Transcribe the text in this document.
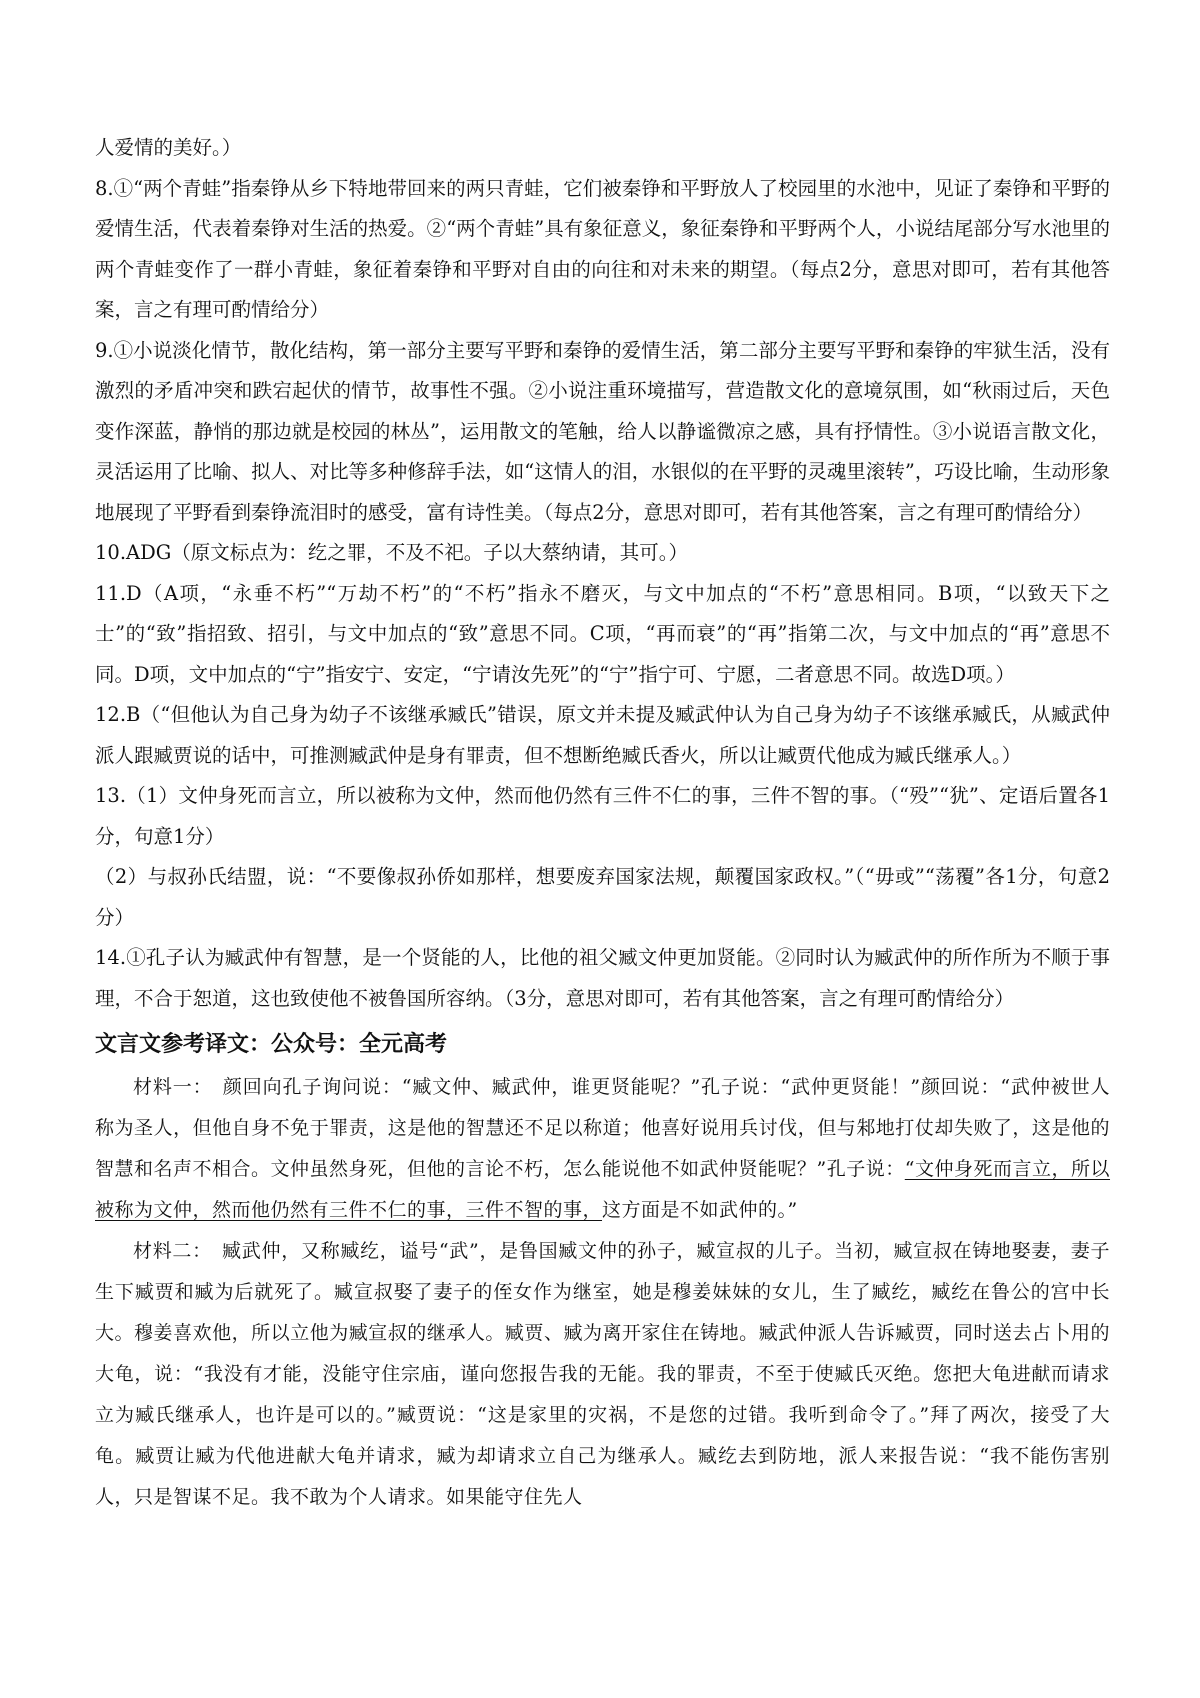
人爱情的美好。）

8.①“两个青蛙”指秦铮从乡下特地带回来的两只青蛙，它们被秦铮和平野放人了校园里的水池中，见证了秦铮和平野的爱情生活，代表着秦铮对生活的热爱。②“两个青蛙”具有象征意义，象征秦铮和平野两个人，小说结尾部分写水池里的两个青蛙变作了一群小青蛙，象征着秦铮和平野对自由的向往和对未来的期望。（每点2分，意思对即可，若有其他答案，言之有理可酌情给分）

9.①小说淡化情节，散化结构，第一部分主要写平野和秦铮的爱情生活，第二部分主要写平野和秦铮的牢狱生活，没有激烈的矛盾冲突和跌宕起伏的情节，故事性不强。②小说注重环境描写，营造散文化的意境氛围，如“秋雨过后，天色变作深蓝，静悄的那边就是校园的林丛”，运用散文的笔触，给人以静谧微凉之感，具有抒情性。③小说语言散文化，灵活运用了比喻、拟人、对比等多种修辞手法，如“这情人的泪，水银似的在平野的灵魂里滚转”，巧设比喻，生动形象地展现了平野看到秦铮流泪时的感受，富有诗性美。（每点2分，意思对即可，若有其他答案，言之有理可酌情给分）

10.ADG（原文标点为：纥之罪，不及不祀。子以大蔡纳请，其可。）

11.D（A项，“永垂不朽”“万劫不朽”的“不朽”指永不磨灭，与文中加点的“不朽”意思相同。B项，“以致天下之士”的“致”指招致、招引，与文中加点的“致”意思不同。C项，“再而衰”的“再”指第二次，与文中加点的“再”意思不同。D项，文中加点的“宁”指安宁、安定，“宁请汝先死”的“宁”指宁可、宁愿，二者意思不同。故选D项。）

12.B（“但他认为自己身为幼子不该继承臧氏”错误，原文并未提及臧武仲认为自己身为幼子不该继承臧氏，从臧武仲派人跟臧贾说的话中，可推测臧武仲是身有罪责，但不想断绝臧氏香火，所以让臧贾代他成为臧氏继承人。）

13.（1）文仲身死而言立，所以被称为文仲，然而他仍然有三件不仁的事，三件不智的事。（“殁”“犹”、定语后置各1分，句意1分）

（2）与叔孙氏结盟，说：“不要像叔孙侨如那样，想要废弃国家法规，颠覆国家政权。”（“毋或”“荡覆”各1分，句意2分）

14.①孔子认为臧武仲有智慧，是一个贤能的人，比他的祖父臧文仲更加贤能。②同时认为臧武仲的所作所为不顺于事理，不合于恕道，这也致使他不被鲁国所容纳。（3分，意思对即可，若有其他答案，言之有理可酌情给分）

文言文参考译文：公众号：全元高考

材料一：　颜回向孔子询问说：“臧文仲、臧武仲，谁更贤能呢？”孔子说：“武仲更贤能！”颜回说：“武仲被世人称为圣人，但他自身不免于罪责，这是他的智慧还不足以称道；他喜好说用兵讨伐，但与邾地打仗却失败了，这是他的智慧和名声不相合。文仲虽然身死，但他的言论不朽，怎么能说他不如武仲贤能呢？”孔子说：“文仲身死而言立，所以被称为文仲，然而他仍然有三件不仁的事，三件不智的事，这方面是不如武仲的。”

材料二：　臧武仲，又称臧纥，谥号“武”，是鲁国臧文仲的孙子，臧宣叔的儿子。当初，臧宣叔在铸地娶妻，妻子生下臧贾和臧为后就死了。臧宣叔娶了妻子的侄女作为继室，她是穆姜妹妹的女儿，生了臧纥，臧纥在鲁公的宫中长大。穆姜喜欢他，所以立他为臧宣叔的继承人。臧贾、臧为离开家住在铸地。臧武仲派人告诉臧贾，同时送去占卜用的大龟，说：“我没有才能，没能守住宗庙，谨向您报告我的无能。我的罪责，不至于使臧氏灭绝。您把大龟进献而请求立为臧氏继承人，也许是可以的。”臧贾说：“这是家里的灾祸，不是您的过错。我听到命令了。”拜了两次，接受了大龟。臧贾让臧为代他进献大龟并请求，臧为却请求立自己为继承人。臧纥去到防地，派人来报告说：“我不能伤害别人，只是智谋不足。我不敢为个人请求。如果能守住先人
